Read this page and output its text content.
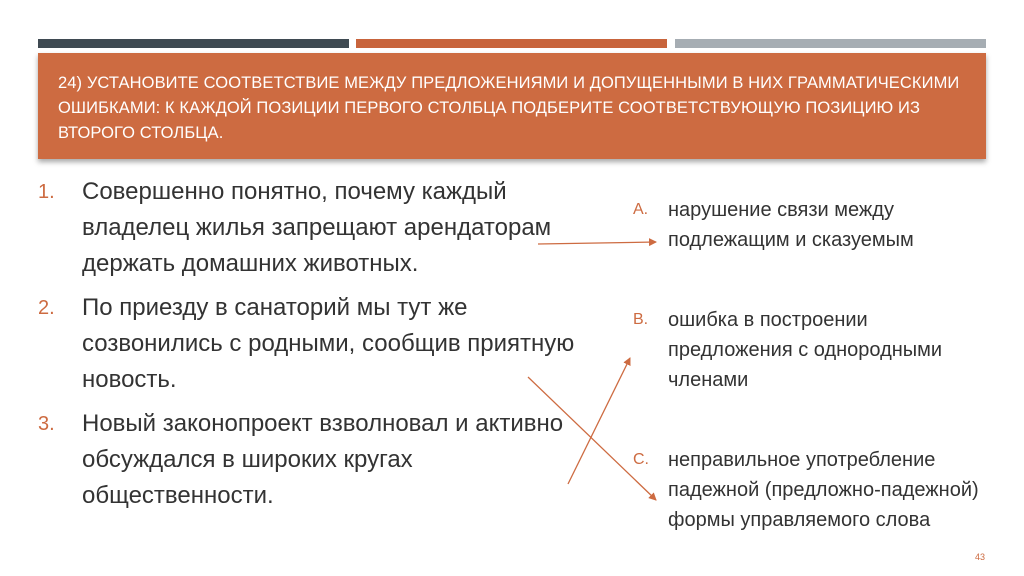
24) УСТАНОВИТЕ СООТВЕТСТВИЕ МЕЖДУ ПРЕДЛОЖЕНИЯМИ И ДОПУЩЕННЫМИ В НИХ ГРАММАТИЧЕСКИМИ ОШИБКАМИ: К КАЖДОЙ ПОЗИЦИИ ПЕРВОГО СТОЛБЦА ПОДБЕРИТЕ СООТВЕТСТВУЮЩУЮ ПОЗИЦИЮ ИЗ ВТОРОГО СТОЛБЦА.
1. Совершенно понятно, почему каждый владелец жилья запрещают арендаторам держать домашних животных.
2. По приезду в санаторий мы тут же созвонились с родными, сообщив приятную новость.
3. Новый законопроект взволновал и активно обсуждался в широких кругах общественности.
A. нарушение связи между подлежащим и сказуемым
B. ошибка в построении предложения с однородными членами
C. неправильное употребление падежной (предложно-падежной) формы управляемого слова
43
